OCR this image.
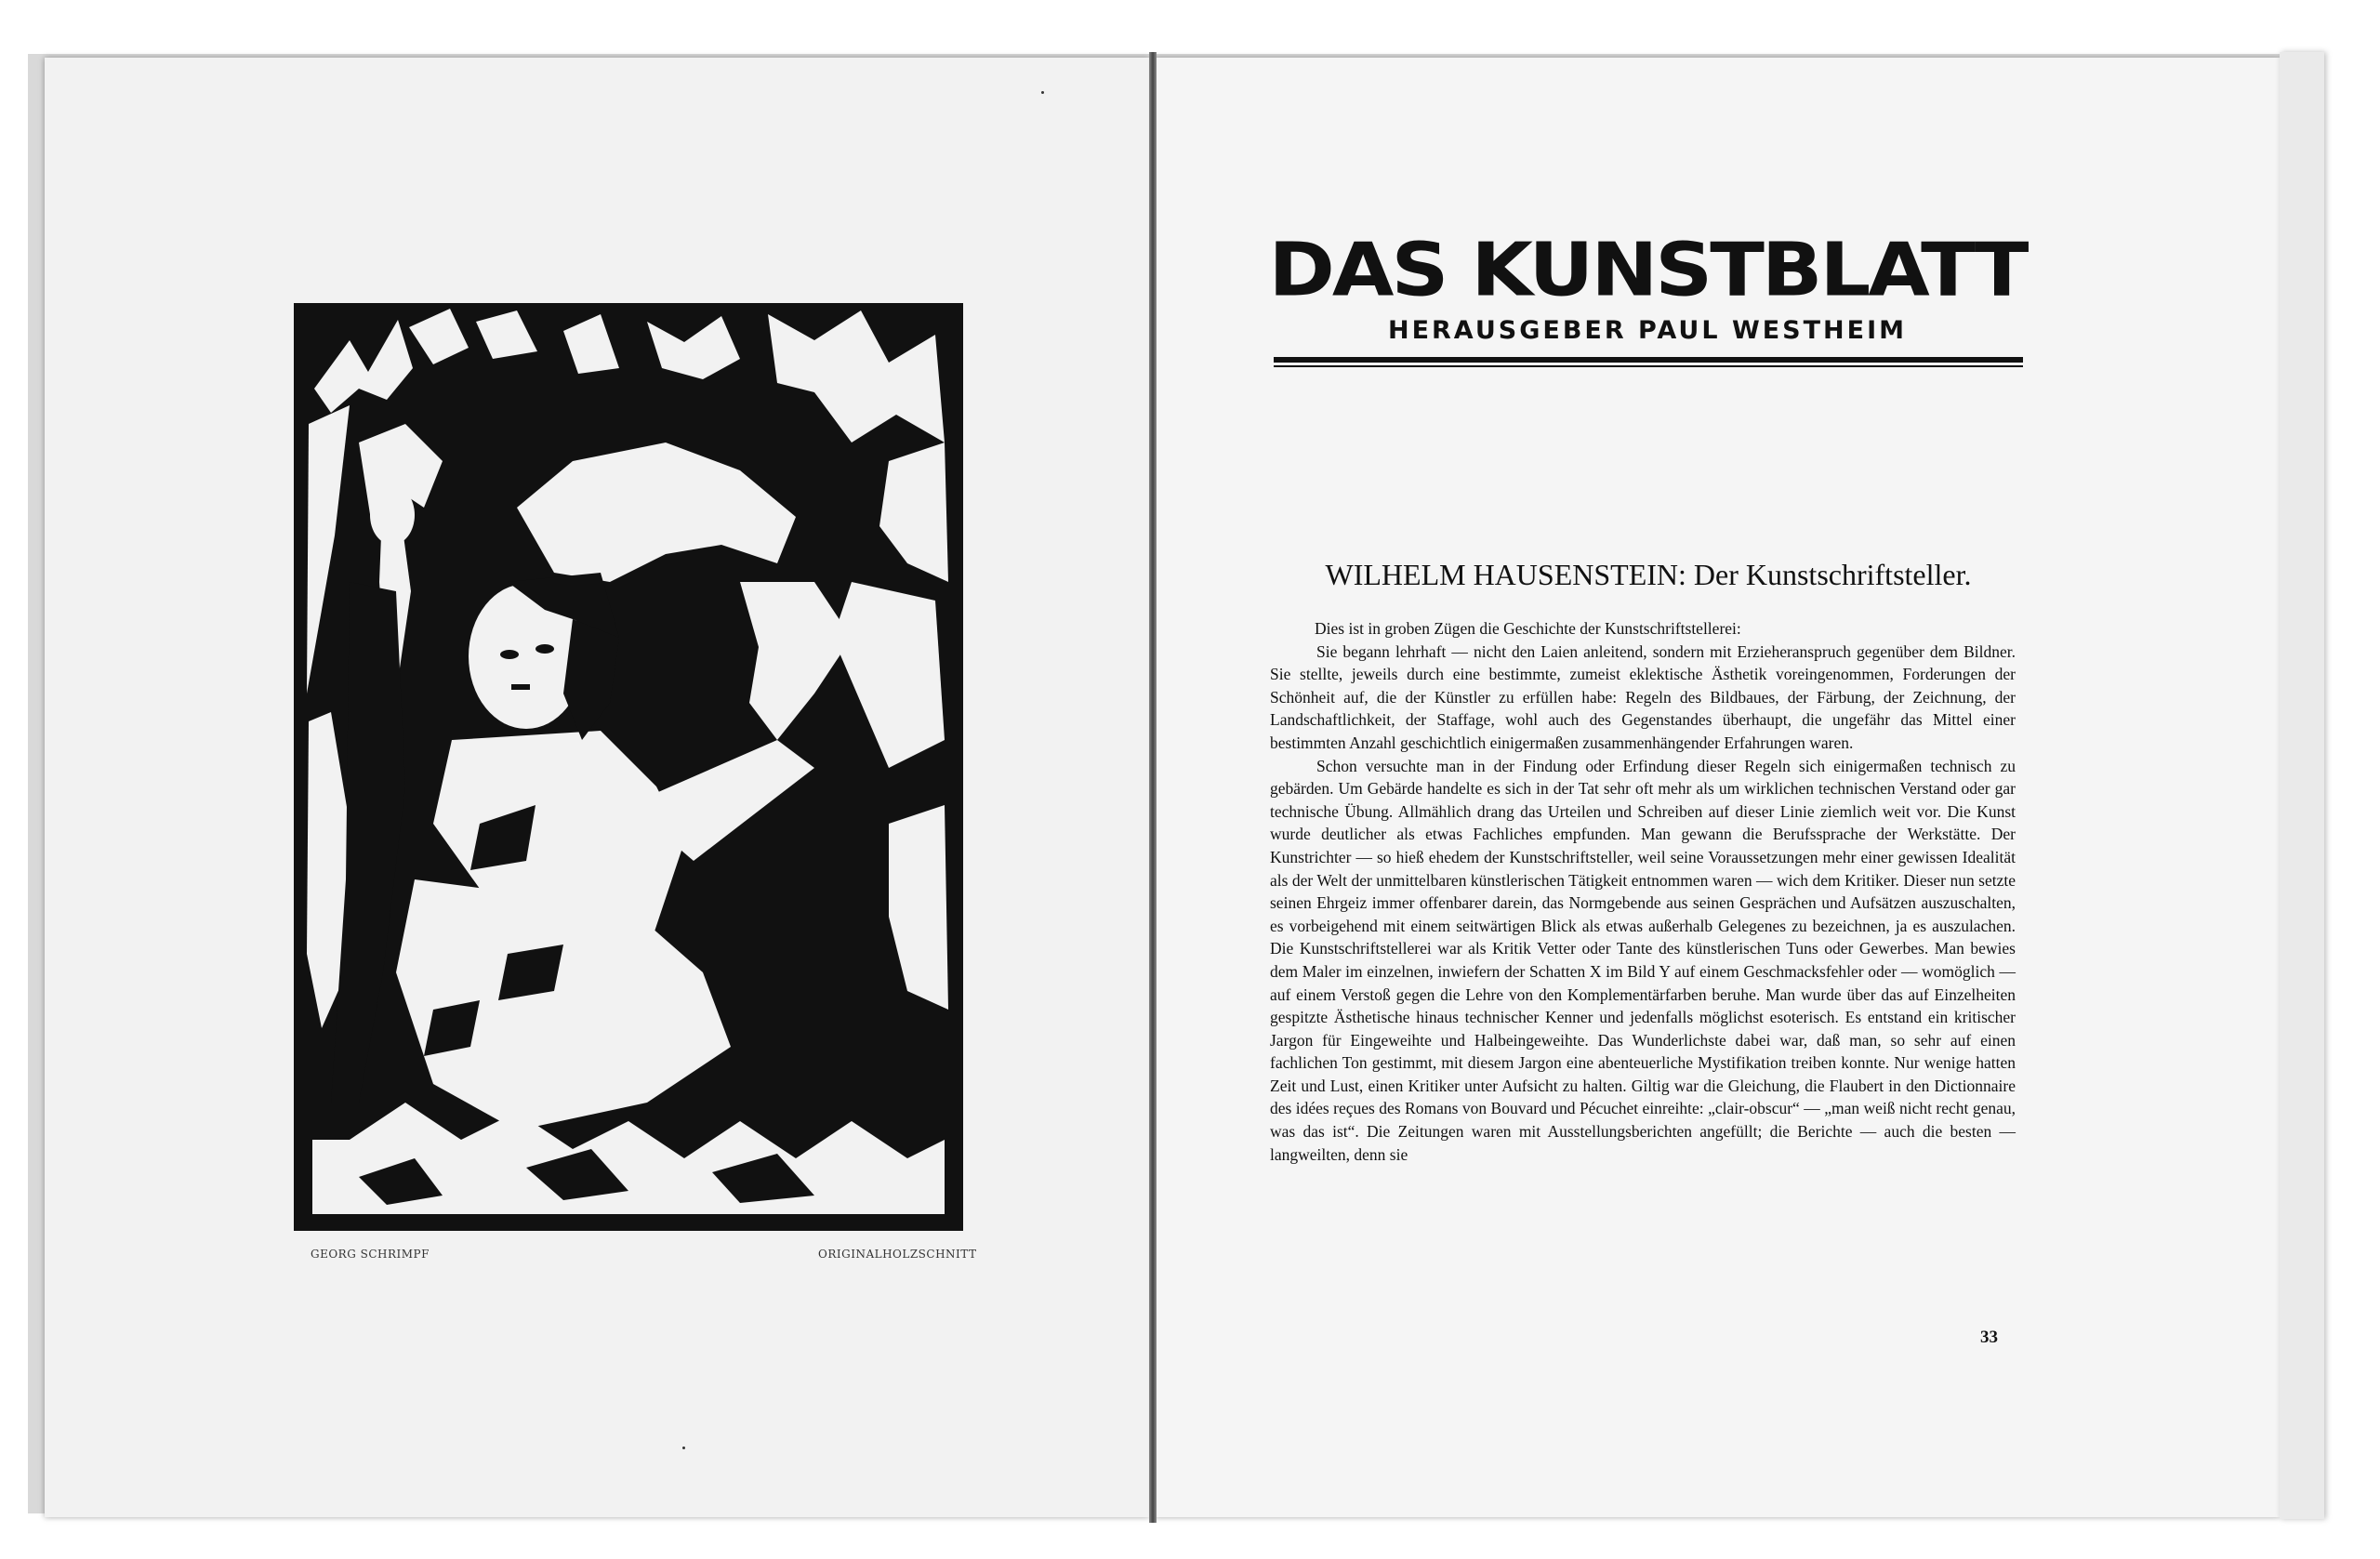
GEORG SCHRIMPF	ORIGINALHOLZSCHNITT
DAS KUNSTBLATT
HERAUSGEBER PAUL WESTHEIM
WILHELM HAUSENSTEIN: Der Kunstschriftsteller.

Dies ist in groben Zügen die Geschichte der Kunstschriftstellerei:

Sie begann lehrhaft — nicht den Laien anleitend, sondern mit Erzieheranspruch gegenüber dem Bildner. Sie stellte, jeweils durch eine bestimmte, zumeist eklektische Ästhetik voreingenommen, Forderungen der Schönheit auf, die der Künstler zu erfüllen habe: Regeln des Bildbaues, der Färbung, der Zeichnung, der Landschaftlichkeit, der Staffage, wohl auch des Gegenstandes überhaupt, die ungefähr das Mittel einer bestimmten Anzahl geschichtlich einigermaßen zusammenhängender Erfahrungen waren.

Schon versuchte man in der Findung oder Erfindung dieser Regeln sich einigermaßen technisch zu gebärden. Um Gebärde handelte es sich in der Tat sehr oft mehr als um wirklichen technischen Verstand oder gar technische Übung. Allmählich drang das Urteilen und Schreiben auf dieser Linie ziemlich weit vor. Die Kunst wurde deutlicher als etwas Fachliches empfunden. Man gewann die Berufssprache der Werkstätte. Der Kunstrichter — so hieß ehedem der Kunstschriftsteller, weil seine Voraussetzungen mehr einer gewissen Idealität als der Welt der unmittelbaren künstlerischen Tätigkeit entnommen waren — wich dem Kritiker. Dieser nun setzte seinen Ehrgeiz immer offenbarer darein, das Normgebende aus seinen Gesprächen und Aufsätzen auszuschalten, es vorbeigehend mit einem seitwärtigen Blick als etwas außerhalb Gelegenes zu bezeichnen, ja es auszulachen. Die Kunstschriftstellerei war als Kritik Vetter oder Tante des künstlerischen Tuns oder Gewerbes. Man bewies dem Maler im einzelnen, inwiefern der Schatten X im Bild Y auf einem Geschmacksfehler oder — womöglich — auf einem Verstoß gegen die Lehre von den Komplementärfarben beruhe. Man wurde über das auf Einzelheiten gespitzte Ästhetische hinaus technischer Kenner und jedenfalls möglichst esoterisch. Es entstand ein kritischer Jargon für Eingeweihte und Halbeingeweihte. Das Wunderlichste dabei war, daß man, so sehr auf einen fachlichen Ton gestimmt, mit diesem Jargon eine abenteuerliche Mystifikation treiben konnte. Nur wenige hatten Zeit und Lust, einen Kritiker unter Aufsicht zu halten. Giltig war die Gleichung, die Flaubert in den Dictionnaire des idées reçues des Romans von Bouvard und Pécuchet einreihte: „clair-obscur“ — „man weiß nicht recht genau, was das ist“. Die Zeitungen waren mit Ausstellungsberichten angefüllt; die Berichte — auch die besten — langweilten, denn sie

33
